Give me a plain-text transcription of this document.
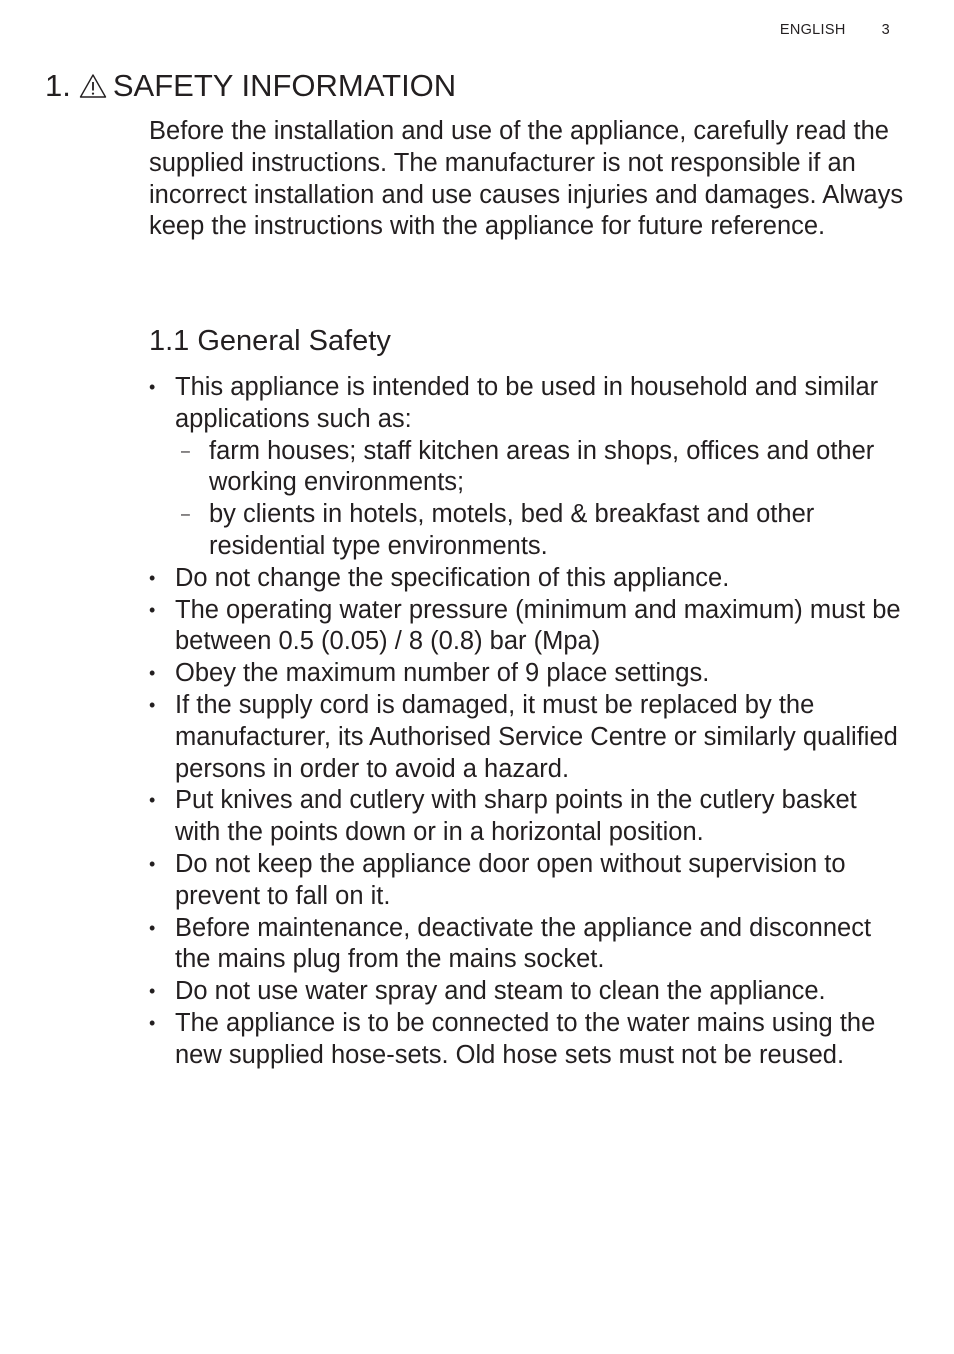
ENGLISH 3
1. SAFETY INFORMATION

Before the installation and use of the appliance, carefully read the supplied instructions. The manufacturer is not responsible if an incorrect installation and use causes injuries and damages. Always keep the instructions with the appliance for future reference.

1.1 General Safety
• This appliance is intended to be used in household and similar applications such as:
– farm houses; staff kitchen areas in shops, offices and other working environments;
– by clients in hotels, motels, bed & breakfast and other residential type environments.
• Do not change the specification of this appliance.
• The operating water pressure (minimum and maximum) must be between 0.5 (0.05) / 8 (0.8) bar (Mpa)
• Obey the maximum number of 9 place settings.
• If the supply cord is damaged, it must be replaced by the manufacturer, its Authorised Service Centre or similarly qualified persons in order to avoid a hazard.
• Put knives and cutlery with sharp points in the cutlery basket with the points down or in a horizontal position.
• Do not keep the appliance door open without supervision to prevent to fall on it.
• Before maintenance, deactivate the appliance and disconnect the mains plug from the mains socket.
• Do not use water spray and steam to clean the appliance.
• The appliance is to be connected to the water mains using the new supplied hose-sets. Old hose sets must not be reused.
